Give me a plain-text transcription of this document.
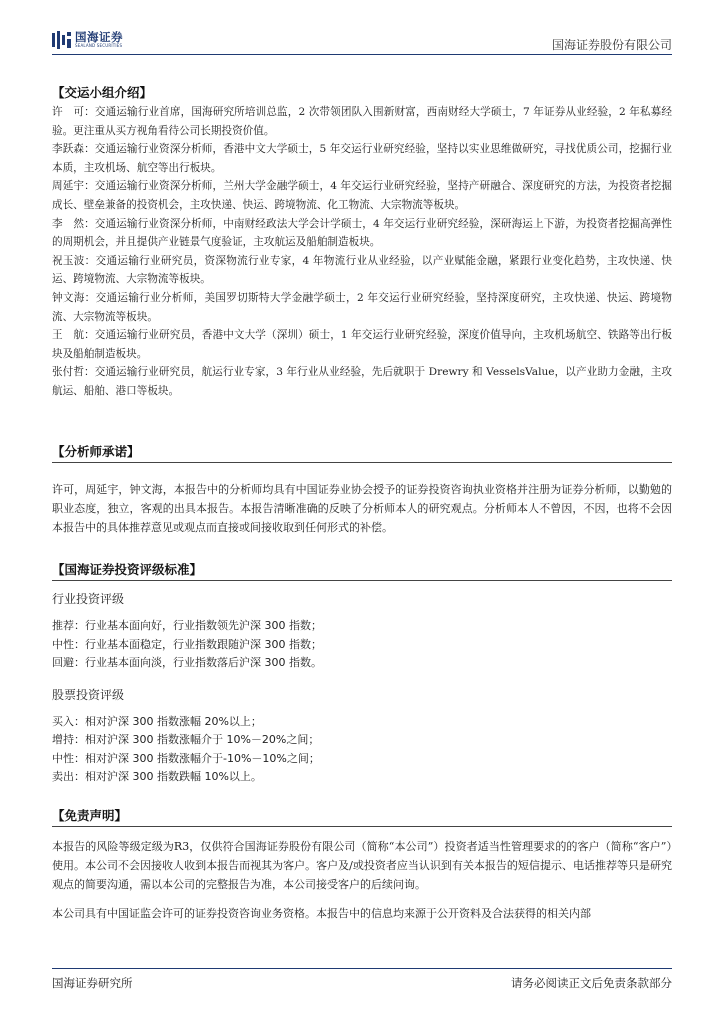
国海证券
SEALAND SECURITIES	国海证券股份有限公司
【交运小组介绍】
许　可：交通运输行业首席，国海研究所培训总监，2 次带领团队入围新财富，西南财经大学硕士，7 年证券从业经验，2 年私募经验。更注重从买方视角看待公司长期投资价值。
李跃森：交通运输行业资深分析师，香港中文大学硕士，5 年交运行业研究经验，坚持以实业思维做研究，寻找优质公司，挖掘行业本质，主攻机场、航空等出行板块。
周延宇：交通运输行业资深分析师，兰州大学金融学硕士，4 年交运行业研究经验，坚持产研融合、深度研究的方法，为投资者挖掘成长、壁垒兼备的投资机会，主攻快递、快运、跨境物流、化工物流、大宗物流等板块。
李　然：交通运输行业资深分析师，中南财经政法大学会计学硕士，4 年交运行业研究经验，深研海运上下游，为投资者挖掘高弹性的周期机会，并且提供产业链景气度验证，主攻航运及船舶制造板块。
祝玉波：交通运输行业研究员，资深物流行业专家，4 年物流行业从业经验，以产业赋能金融，紧跟行业变化趋势，主攻快递、快运、跨境物流、大宗物流等板块。
钟文海：交通运输行业分析师，美国罗切斯特大学金融学硕士，2 年交运行业研究经验，坚持深度研究，主攻快递、快运、跨境物流、大宗物流等板块。
王　航：交通运输行业研究员，香港中文大学（深圳）硕士，1 年交运行业研究经验，深度价值导向，主攻机场航空、铁路等出行板块及船舶制造板块。
张付哲：交通运输行业研究员，航运行业专家，3 年行业从业经验，先后就职于 Drewry 和 VesselsValue，以产业助力金融，主攻航运、船舶、港口等板块。
【分析师承诺】
许可，周延宇，钟文海，本报告中的分析师均具有中国证券业协会授予的证券投资咨询执业资格并注册为证券分析师，以勤勉的职业态度，独立，客观的出具本报告。本报告清晰准确的反映了分析师本人的研究观点。分析师本人不曾因，不因，也将不会因本报告中的具体推荐意见或观点而直接或间接收取到任何形式的补偿。
【国海证券投资评级标准】
行业投资评级
推荐：行业基本面向好，行业指数领先沪深 300 指数；
中性：行业基本面稳定，行业指数跟随沪深 300 指数；
回避：行业基本面向淡，行业指数落后沪深 300 指数。
股票投资评级
买入：相对沪深 300 指数涨幅 20%以上；
增持：相对沪深 300 指数涨幅介于 10%－20%之间；
中性：相对沪深 300 指数涨幅介于-10%－10%之间；
卖出：相对沪深 300 指数跌幅 10%以上。
【免责声明】
本报告的风险等级定级为R3，仅供符合国海证券股份有限公司（简称“本公司”）投资者适当性管理要求的的客户（简称“客户”）使用。本公司不会因接收人收到本报告而视其为客户。客户及/或投资者应当认识到有关本报告的短信提示、电话推荐等只是研究观点的简要沟通，需以本公司的完整报告为准，本公司接受客户的后续问询。
本公司具有中国证监会许可的证券投资咨询业务资格。本报告中的信息均来源于公开资料及合法获得的相关内部
国海证券研究所	请务必阅读正文后免责条款部分
